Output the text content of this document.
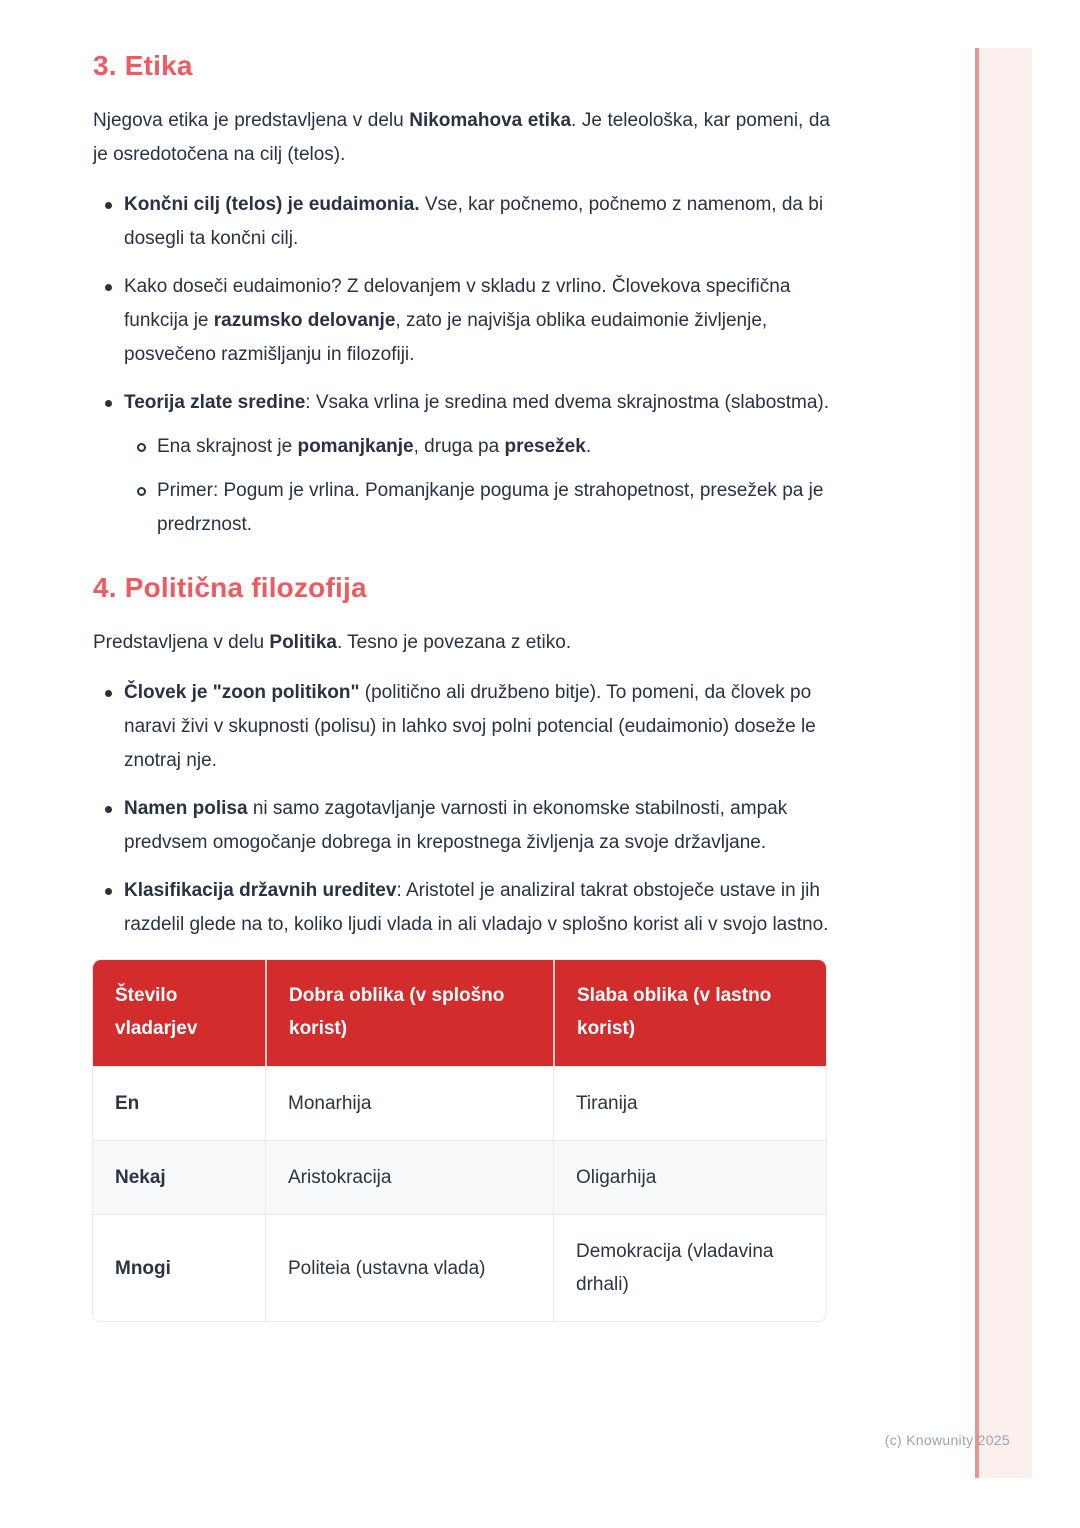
3. Etika

Njegova etika je predstavljena v delu Nikomahova etika. Je teleološka, kar pomeni, da je osredotočena na cilj (telos).

Končni cilj (telos) je eudaimonia. Vse, kar počnemo, počnemo z namenom, da bi dosegli ta končni cilj.
Kako doseči eudaimonio? Z delovanjem v skladu z vrlino. Človekova specifična funkcija je razumsko delovanje, zato je najvišja oblika eudaimonie življenje, posvečeno razmišljanju in filozofiji.
Teorija zlate sredine: Vsaka vrlina je sredina med dvema skrajnostma (slabostma).
Ena skrajnost je pomanjkanje, druga pa presežek.
Primer: Pogum je vrlina. Pomanjkanje poguma je strahopetnost, presežek pa je predrznost.
4. Politična filozofija

Predstavljena v delu Politika. Tesno je povezana z etiko.

Človek je "zoon politikon" (politično ali družbeno bitje). To pomeni, da človek po naravi živi v skupnosti (polisu) in lahko svoj polni potencial (eudaimonio) doseže le znotraj nje.
Namen polisa ni samo zagotavljanje varnosti in ekonomske stabilnosti, ampak predvsem omogočanje dobrega in krepostnega življenja za svoje državljane.
Klasifikacija državnih ureditev: Aristotel je analiziral takrat obstoječe ustave in jih razdelil glede na to, koliko ljudi vlada in ali vladajo v splošno korist ali v svojo lastno.
Število vladarjev	Dobra oblika (v splošno korist)	Slaba oblika (v lastno korist)
En	Monarhija	Tiranija
Nekaj	Aristokracija	Oligarhija
Mnogi	Politeia (ustavna vlada)	Demokracija (vladavina drhali)
(c) Knowunity 2025
